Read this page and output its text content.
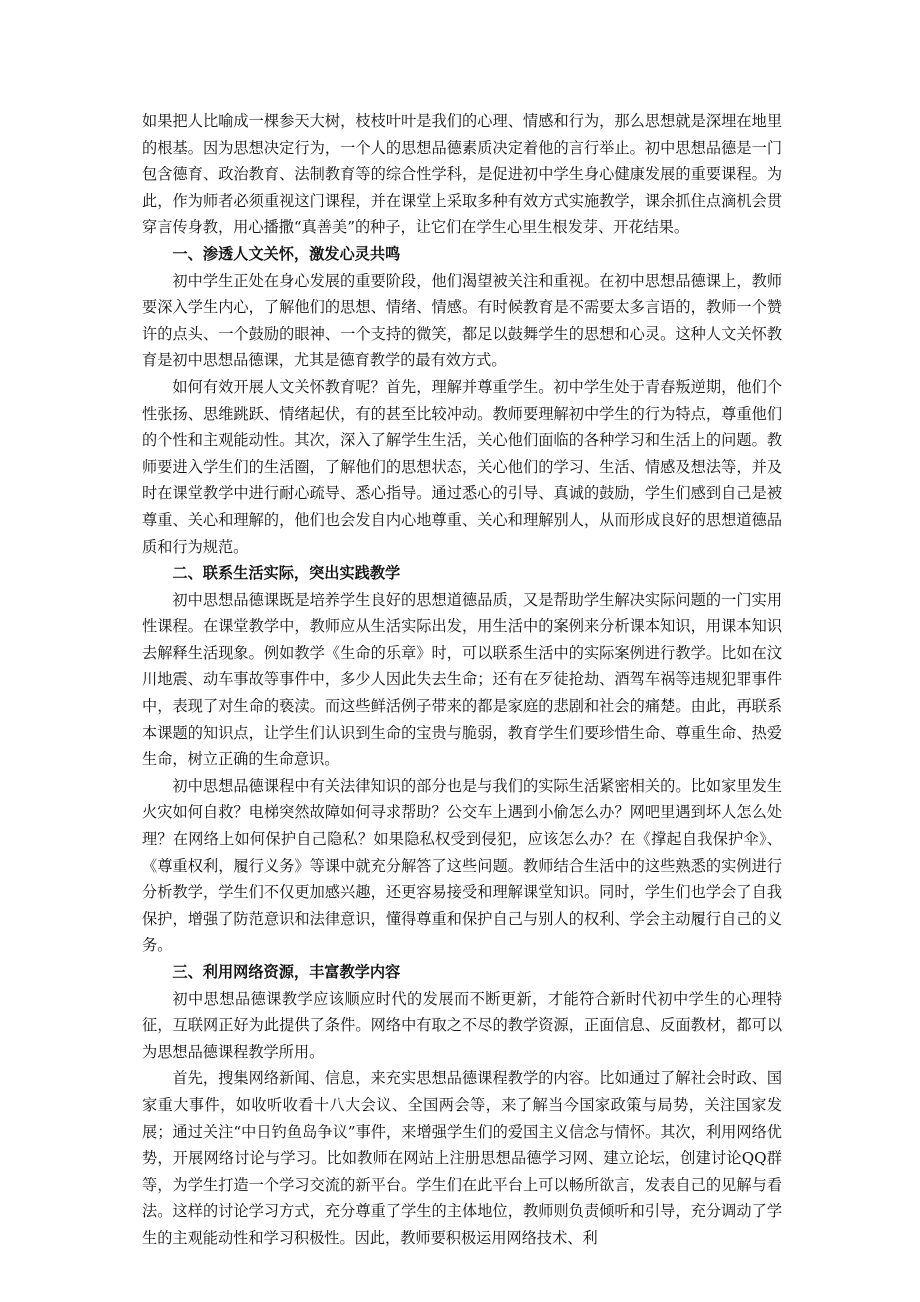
如果把人比喻成一棵参天大树，枝枝叶叶是我们的心理、情感和行为，那么思想就是深埋在地里的根基。因为思想决定行为，一个人的思想品德素质决定着他的言行举止。初中思想品德是一门包含德育、政治教育、法制教育等的综合性学科，是促进初中学生身心健康发展的重要课程。为此，作为师者必须重视这门课程，并在课堂上采取多种有效方式实施教学，课余抓住点滴机会贯穿言传身教，用心播撒“真善美”的种子，让它们在学生心里生根发芽、开花结果。

一、渗透人文关怀，激发心灵共鸣

初中学生正处在身心发展的重要阶段，他们渴望被关注和重视。在初中思想品德课上，教师要深入学生内心，了解他们的思想、情绪、情感。有时候教育是不需要太多言语的，教师一个赞许的点头、一个鼓励的眼神、一个支持的微笑，都足以鼓舞学生的思想和心灵。这种人文关怀教育是初中思想品德课，尤其是德育教学的最有效方式。

如何有效开展人文关怀教育呢？首先，理解并尊重学生。初中学生处于青春叛逆期，他们个性张扬、思维跳跃、情绪起伏，有的甚至比较冲动。教师要理解初中学生的行为特点，尊重他们的个性和主观能动性。其次，深入了解学生生活，关心他们面临的各种学习和生活上的问题。教师要进入学生们的生活圈，了解他们的思想状态，关心他们的学习、生活、情感及想法等，并及时在课堂教学中进行耐心疏导、悉心指导。通过悉心的引导、真诚的鼓励，学生们感到自己是被尊重、关心和理解的，他们也会发自内心地尊重、关心和理解别人，从而形成良好的思想道德品质和行为规范。

二、联系生活实际，突出实践教学

初中思想品德课既是培养学生良好的思想道德品质，又是帮助学生解决实际问题的一门实用性课程。在课堂教学中，教师应从生活实际出发，用生活中的案例来分析课本知识，用课本知识去解释生活现象。例如教学《生命的乐章》时，可以联系生活中的实际案例进行教学。比如在汶川地震、动车事故等事件中，多少人因此失去生命；还有在歹徒抢劫、酒驾车祸等违规犯罪事件中，表现了对生命的亵渎。而这些鲜活例子带来的都是家庭的悲剧和社会的痛楚。由此，再联系本课题的知识点，让学生们认识到生命的宝贵与脆弱，教育学生们要珍惜生命、尊重生命、热爱生命，树立正确的生命意识。

初中思想品德课程中有关法律知识的部分也是与我们的实际生活紧密相关的。比如家里发生火灾如何自救？电梯突然故障如何寻求帮助？公交车上遇到小偷怎么办？网吧里遇到坏人怎么处理？在网络上如何保护自己隐私？如果隐私权受到侵犯，应该怎么办？在《撑起自我保护伞》、《尊重权利，履行义务》等课中就充分解答了这些问题。教师结合生活中的这些熟悉的实例进行分析教学，学生们不仅更加感兴趣，还更容易接受和理解课堂知识。同时，学生们也学会了自我保护，增强了防范意识和法律意识，懂得尊重和保护自己与别人的权利、学会主动履行自己的义务。

三、利用网络资源，丰富教学内容

初中思想品德课教学应该顺应时代的发展而不断更新，才能符合新时代初中学生的心理特征，互联网正好为此提供了条件。网络中有取之不尽的教学资源，正面信息、反面教材，都可以为思想品德课程教学所用。

首先，搜集网络新闻、信息，来充实思想品德课程教学的内容。比如通过了解社会时政、国家重大事件，如收听收看十八大会议、全国两会等，来了解当今国家政策与局势，关注国家发展；通过关注“中日钓鱼岛争议”事件，来增强学生们的爱国主义信念与情怀。其次，利用网络优势，开展网络讨论与学习。比如教师在网站上注册思想品德学习网、建立论坛，创建讨论QQ群等，为学生打造一个学习交流的新平台。学生们在此平台上可以畅所欲言，发表自己的见解与看法。这样的讨论学习方式，充分尊重了学生的主体地位，教师则负责倾听和引导，充分调动了学生的主观能动性和学习积极性。因此，教师要积极运用网络技术、利
